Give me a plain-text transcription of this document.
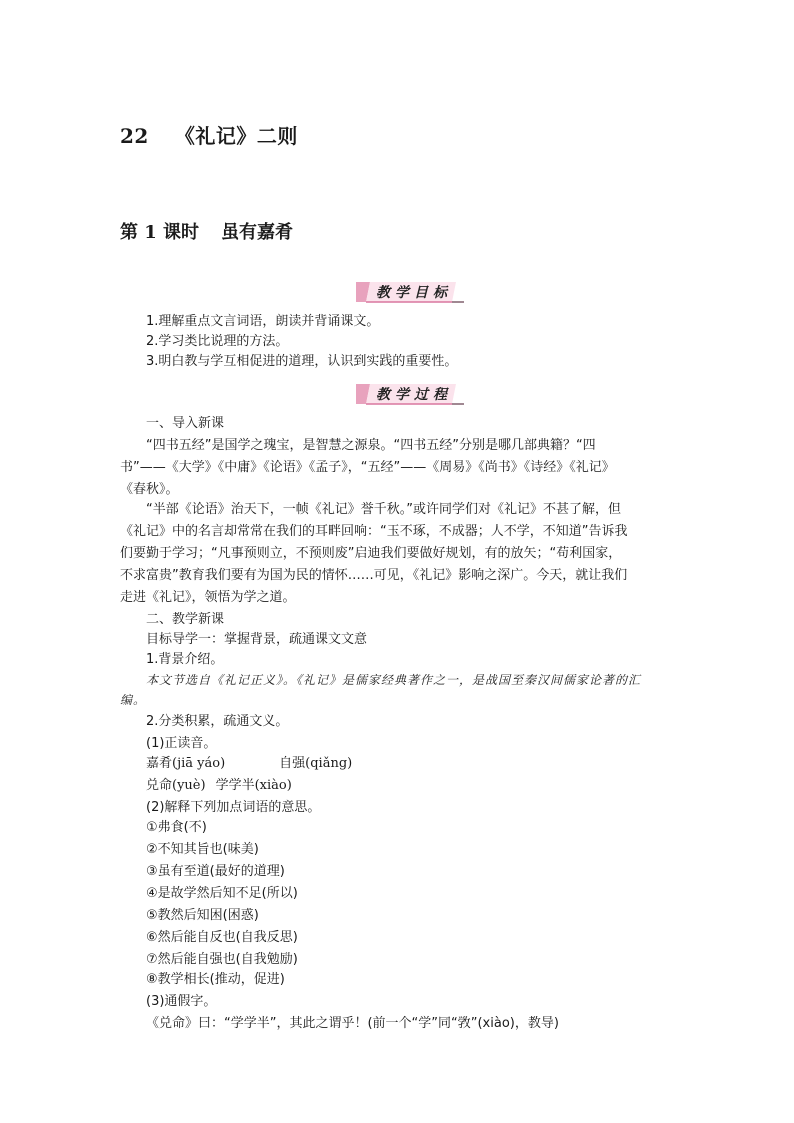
22 《礼记》二则
第 1 课时 虽有嘉肴
教学目标
1.理解重点文言词语，朗读并背诵课文。
2.学习类比说理的方法。
3.明白教与学互相促进的道理，认识到实践的重要性。
教学过程
一、导入新课
“四书五经”是国学之瑰宝，是智慧之源泉。“四书五经”分别是哪几部典籍？“四
书”——《大学》《中庸》《论语》《孟子》，“五经”——《周易》《尚书》《诗经》《礼记》
《春秋》。
“半部《论语》治天下，一帧《礼记》誉千秋。”或许同学们对《礼记》不甚了解，但
《礼记》中的名言却常常在我们的耳畔回响：“玉不琢，不成器；人不学，不知道”告诉我
们要勤于学习；“凡事预则立，不预则废”启迪我们要做好规划，有的放矢；“苟利国家，
不求富贵”教育我们要有为国为民的情怀……可见，《礼记》影响之深广。今天，就让我们
走进《礼记》，领悟为学之道。
二、教学新课
目标导学一：掌握背景，疏通课文文意
1.背景介绍。
本文节选自《礼记正义》。《礼记》是儒家经典著作之一，是战国至秦汉间儒家论著的汇
编。
2.分类积累，疏通文义。
(1)正读音。
嘉肴(jiā yáo)	自强(qiǎng)
兑命(yuè) 学学半(xiào)
(2)解释下列加点词语的意思。
①弗食(不)
②不知其旨也(味美)
③虽有至道(最好的道理)
④是故学然后知不足(所以)
⑤教然后知困(困惑)
⑥然后能自反也(自我反思)
⑦然后能自强也(自我勉励)
⑧教学相长(推动，促进)
(3)通假字。
《兑命》曰：“学学半”，其此之谓乎！(前一个“学”同“敩”(xiào)，教导)
